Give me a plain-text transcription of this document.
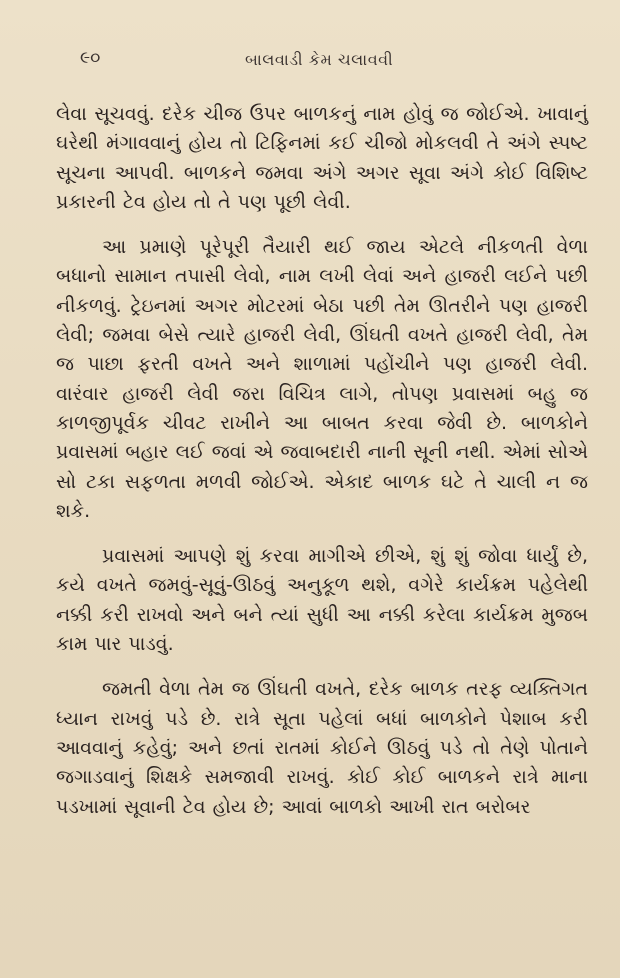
૯૦	બાલવાડી કેમ ચલાવવી

લેવા સૂચવવું. દરેક ચીજ ઉપર બાળકનું નામ હોવું જ જોઈએ. ખાવાનું ઘરેથી મંગાવવાનું હોય તો ટિફિનમાં કઈ ચીજો મોકલવી તે અંગે સ્પષ્ટ સૂચના આપવી. બાળકને જમવા અંગે અગર સૂવા અંગે કોઈ વિશિષ્ટ પ્રકારની ટેવ હોય તો તે પણ પૂછી લેવી.

આ પ્રમાણે પૂરેપૂરી તૈયારી થઈ જાય એટલે નીકળતી વેળા બધાનો સામાન તપાસી લેવો, નામ લખી લેવાં અને હાજરી લઈને પછી નીકળવું. ટ્રેઇનમાં અગર મોટરમાં બેઠા પછી તેમ ઊતરીને પણ હાજરી લેવી; જમવા બેસે ત્યારે હાજરી લેવી, ઊંઘતી વખતે હાજરી લેવી, તેમ જ પાછા ફરતી વખતે અને શાળામાં પહોંચીને પણ હાજરી લેવી. વારંવાર હાજરી લેવી જરા વિચિત્ર લાગે, તોપણ પ્રવાસમાં બહુ જ કાળજીપૂર્વક ચીવટ રાખીને આ બાબત કરવા જેવી છે. બાળકોને પ્રવાસમાં બહાર લઈ જવાં એ જવાબદારી નાની સૂની નથી. એમાં સોએ સો ટકા સફળતા મળવી જોઈએ. એકાદ બાળક ઘટે તે ચાલી ન જ શકે.

પ્રવાસમાં આપણે શું કરવા માગીએ છીએ, શું શું જોવા ધાર્યું છે, કયે વખતે જમવું-સૂવું-ઊઠવું અનુકૂળ થશે, વગેરે કાર્યક્રમ પહેલેથી નક્કી કરી રાખવો અને બને ત્યાં સુધી આ નક્કી કરેલા કાર્યક્રમ મુજબ કામ પાર પાડવું.

જમતી વેળા તેમ જ ઊંઘતી વખતે, દરેક બાળક તરફ વ્યક્તિગત ધ્યાન રાખવું પડે છે. રાત્રે સૂતા પહેલાં બધાં બાળકોને પેશાબ કરી આવવાનું કહેવું; અને છતાં રાતમાં કોઈને ઊઠવું પડે તો તેણે પોતાને જગાડવાનું શિક્ષકે સમજાવી રાખવું. કોઈ કોઈ બાળકને રાત્રે માના પડખામાં સૂવાની ટેવ હોય છે; આવાં બાળકો આખી રાત બરોબર
